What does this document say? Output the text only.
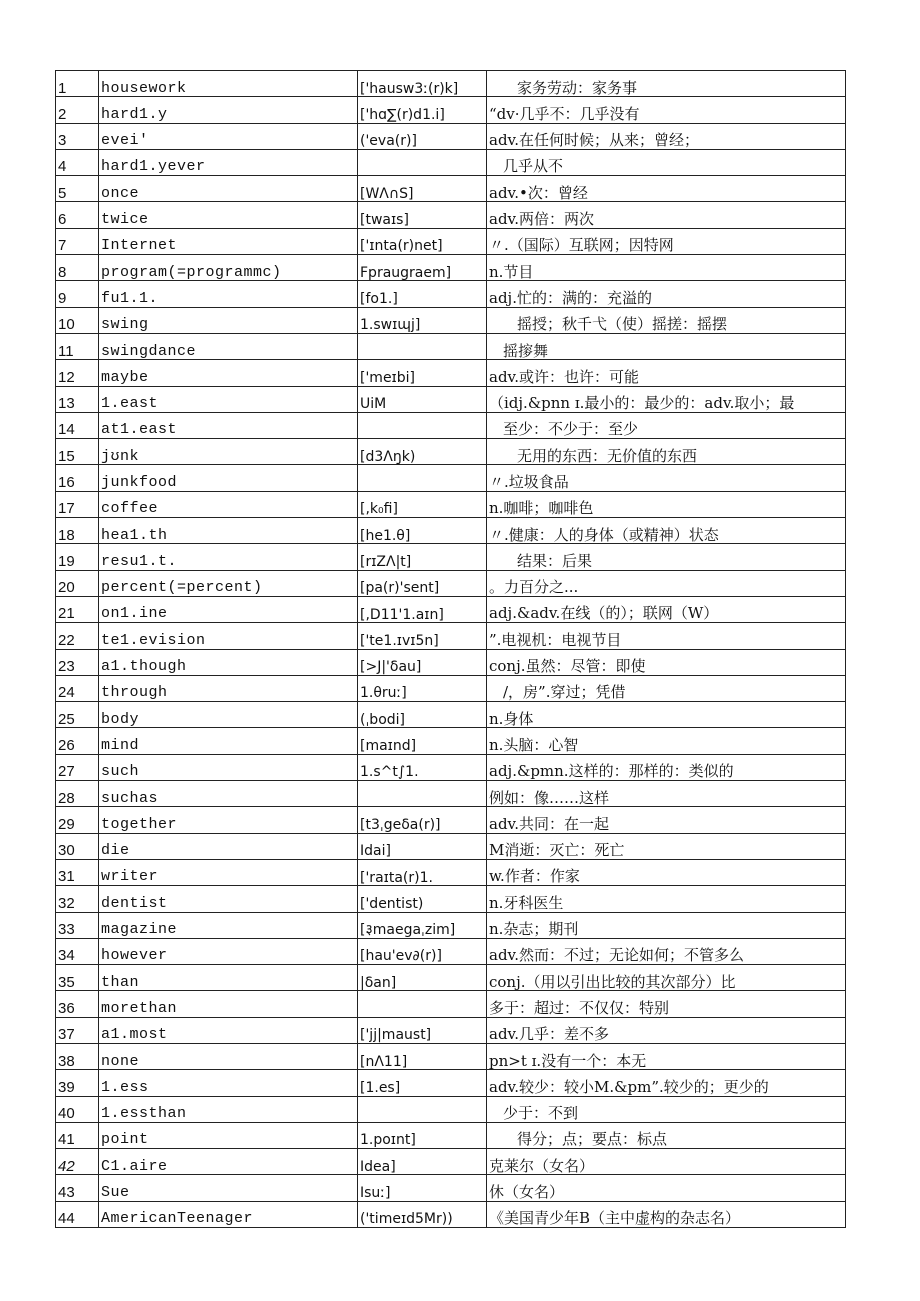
1	housework	['hausw3ː(r)k]	家务劳动：家务事
2	hard1.y	['hɑ∑(r)d1.i]	“dv·几乎不：几乎没有
3	evei'	('eva(r)]	adv.在任何时候；从来；曾经；
4	hard1.yever		几乎从不
5	once	[WΛ∩S]	adv.•次：曾经
6	twice	[twaɪs]	adv.两倍：两次
7	Internet	['ɪnta(r)net]	〃.（国际）互联网；因特网
8	program(=programmc)	Fpraugraem]	n.节目
9	fu1.1.	[fo1.]	adj.忙的：满的：充溢的
10	swing	1.swɪɰj]	摇授；秋千弋（使）摇搓：摇摆
11	swingdance		摇摉舞
12	maybe	['meɪbi]	adv.或许：也许：可能
13	1.east	UiM	（idj.&pnn ɪ.最小的：最少的：adv.取小；最
14	at1.east		至少：不少于：至少
15	jʊnk	[d3Λŋk)	无用的东西：无价值的东西
16	junkfood		〃.垃圾食品
17	coffee	[,k₀fi]	n.咖啡；咖啡色
18	hea1.th	[he1.θ]	〃.健康：人的身体（或精神）状态
19	resu1.t.	[rɪZΛ|t]	结果：后果
20	percent(=percent)	[pa(r)'sent]	。力百分之...
21	on1.ine	[,D11'1.aɪn]	adj.&adv.在线（的）；联网（W）
22	te1.evision	['te1.ɪvɪ5n]	”.电视机：电视节目
23	a1.though	[>J|'δau]	conj.虽然：尽管：即使
24	through	1.θruː]	/，房”.穿过；凭借
25	body	(ˌbodi]	n.身体
26	mind	[maɪnd]	n.头脑：心智
27	such	1.s^t∫1.	adj.&pmn.这样的：那样的：类似的
28	suchas		例如：像……这样
29	together	[t3ˌgeδa(r)]	adv.共同：在一起
30	die	Idai]	M消逝：灭亡：死亡
31	writer	['raɪta(r)1.	w.作者：作家
32	dentist	['dentist)	n.牙科医生
33	magazine	[३maegaˌzim]	n.杂志；期刊
34	however	[hau'ev∂(r)]	adv.然而：不过；无论如何；不管多么
35	than	|δan]	conj.（用以引出比较的其次部分）比
36	morethan		多于：超过：不仅仅：特别
37	a1.most	['jj|maust]	adv.几乎：差不多
38	none	[nΛ11]	pn>t ɪ.没有一个：本无
39	1.ess	[1.es]	adv.较少：较小M.&pm”.较少的；更少的
40	1.essthan		少于：不到
41	point	1.poɪnt]	得分；点；要点：标点
42	C1.aire	Idea]	克莱尔（女名）
43	Sue	Isuː]	休（女名）
44	AmericanTeenager	('timeɪd5Mr))	《美国青少年B（主中虚构的杂志名）
